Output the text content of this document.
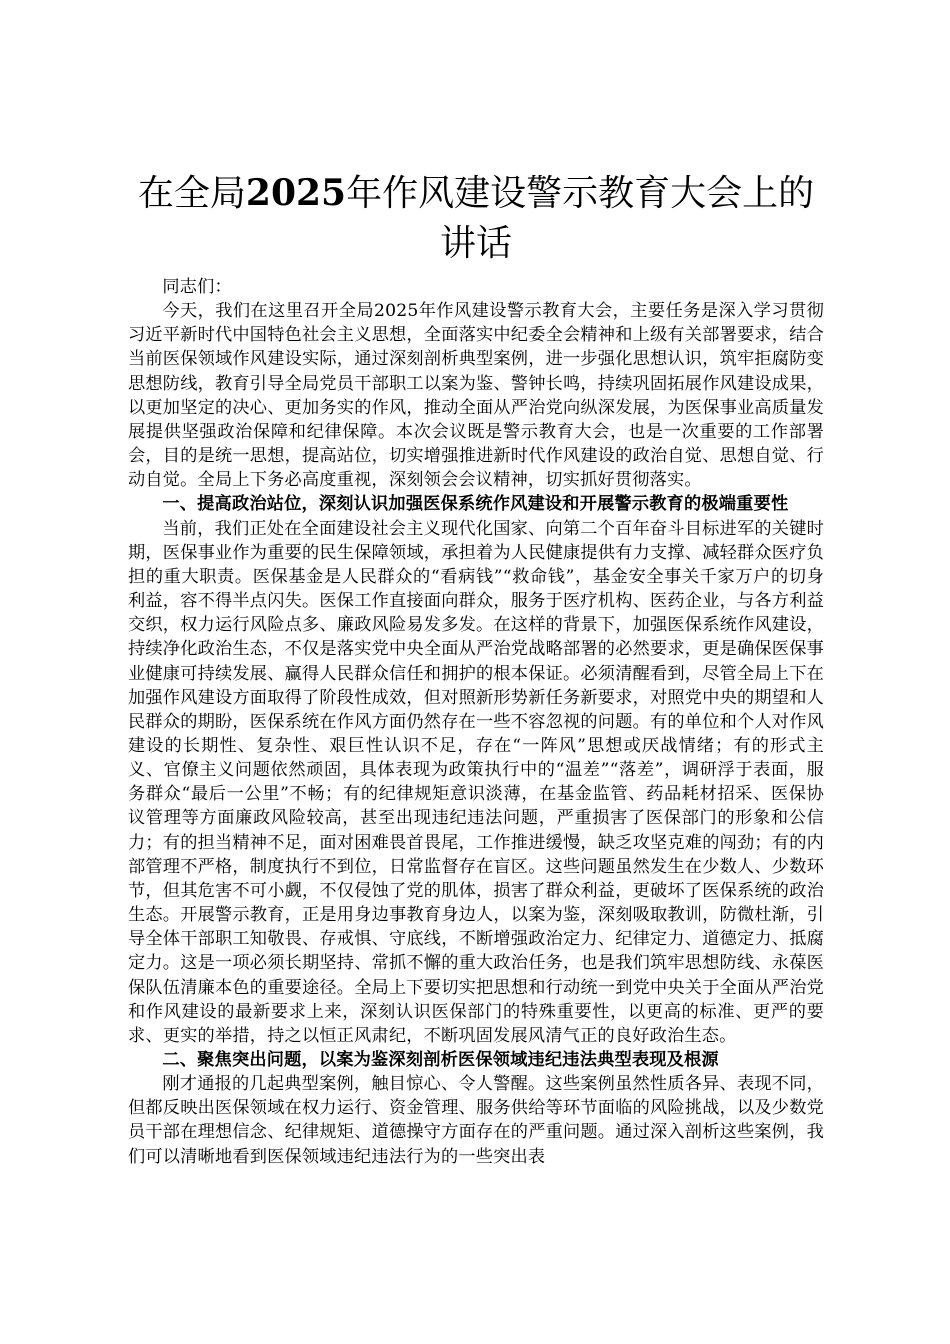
在全局2025年作风建设警示教育大会上的讲话

同志们：

今天，我们在这里召开全局2025年作风建设警示教育大会，主要任务是深入学习贯彻习近平新时代中国特色社会主义思想，全面落实中纪委全会精神和上级有关部署要求，结合当前医保领域作风建设实际，通过深刻剖析典型案例，进一步强化思想认识，筑牢拒腐防变思想防线，教育引导全局党员干部职工以案为鉴、警钟长鸣，持续巩固拓展作风建设成果，以更加坚定的决心、更加务实的作风，推动全面从严治党向纵深发展，为医保事业高质量发展提供坚强政治保障和纪律保障。本次会议既是警示教育大会，也是一次重要的工作部署会，目的是统一思想，提高站位，切实增强推进新时代作风建设的政治自觉、思想自觉、行动自觉。全局上下务必高度重视，深刻领会会议精神，切实抓好贯彻落实。

一、提高政治站位，深刻认识加强医保系统作风建设和开展警示教育的极端重要性

当前，我们正处在全面建设社会主义现代化国家、向第二个百年奋斗目标进军的关键时期，医保事业作为重要的民生保障领域，承担着为人民健康提供有力支撑、减轻群众医疗负担的重大职责。医保基金是人民群众的“看病钱”“救命钱”，基金安全事关千家万户的切身利益，容不得半点闪失。医保工作直接面向群众，服务于医疗机构、医药企业，与各方利益交织，权力运行风险点多、廉政风险易发多发。在这样的背景下，加强医保系统作风建设，持续净化政治生态，不仅是落实党中央全面从严治党战略部署的必然要求，更是确保医保事业健康可持续发展、赢得人民群众信任和拥护的根本保证。必须清醒看到，尽管全局上下在加强作风建设方面取得了阶段性成效，但对照新形势新任务新要求，对照党中央的期望和人民群众的期盼，医保系统在作风方面仍然存在一些不容忽视的问题。有的单位和个人对作风建设的长期性、复杂性、艰巨性认识不足，存在“一阵风”思想或厌战情绪；有的形式主义、官僚主义问题依然顽固，具体表现为政策执行中的“温差”“落差”，调研浮于表面，服务群众“最后一公里”不畅；有的纪律规矩意识淡薄，在基金监管、药品耗材招采、医保协议管理等方面廉政风险较高，甚至出现违纪违法问题，严重损害了医保部门的形象和公信力；有的担当精神不足，面对困难畏首畏尾，工作推进缓慢，缺乏攻坚克难的闯劲；有的内部管理不严格，制度执行不到位，日常监督存在盲区。这些问题虽然发生在少数人、少数环节，但其危害不可小觑，不仅侵蚀了党的肌体，损害了群众利益，更破坏了医保系统的政治生态。开展警示教育，正是用身边事教育身边人，以案为鉴，深刻吸取教训，防微杜渐，引导全体干部职工知敬畏、存戒惧、守底线，不断增强政治定力、纪律定力、道德定力、抵腐定力。这是一项必须长期坚持、常抓不懈的重大政治任务，也是我们筑牢思想防线、永葆医保队伍清廉本色的重要途径。全局上下要切实把思想和行动统一到党中央关于全面从严治党和作风建设的最新要求上来，深刻认识医保部门的特殊重要性，以更高的标准、更严的要求、更实的举措，持之以恒正风肃纪，不断巩固发展风清气正的良好政治生态。

二、聚焦突出问题，以案为鉴深刻剖析医保领域违纪违法典型表现及根源

刚才通报的几起典型案例，触目惊心、令人警醒。这些案例虽然性质各异、表现不同，但都反映出医保领域在权力运行、资金管理、服务供给等环节面临的风险挑战，以及少数党员干部在理想信念、纪律规矩、道德操守方面存在的严重问题。通过深入剖析这些案例，我们可以清晰地看到医保领域违纪违法行为的一些突出表
